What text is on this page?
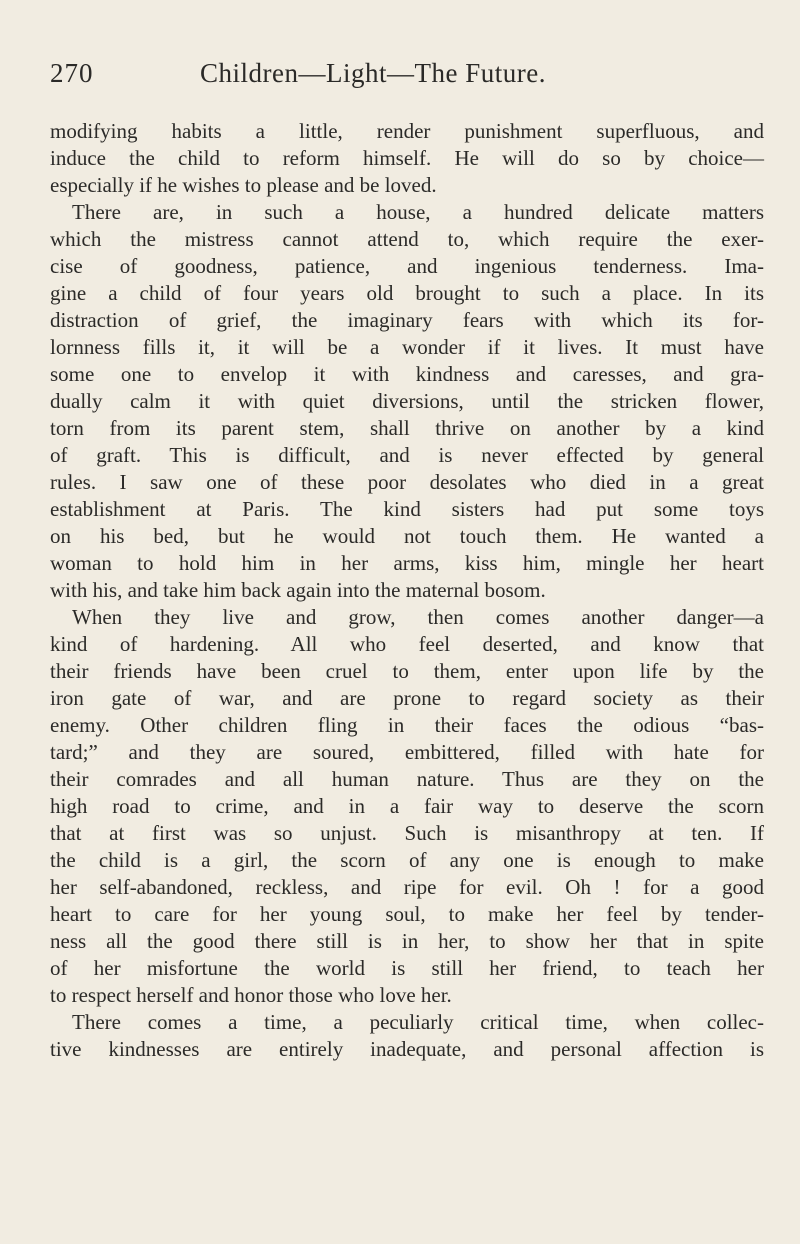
270	Children—Light—The Future.
modifying habits a little, render punishment superfluous, and
induce the child to reform himself. He will do so by choice—
especially if he wishes to please and be loved.
There are, in such a house, a hundred delicate matters
which the mistress cannot attend to, which require the exer-
cise of goodness, patience, and ingenious tenderness. Ima-
gine a child of four years old brought to such a place. In its
distraction of grief, the imaginary fears with which its for-
lornness fills it, it will be a wonder if it lives. It must have
some one to envelop it with kindness and caresses, and gra-
dually calm it with quiet diversions, until the stricken flower,
torn from its parent stem, shall thrive on another by a kind
of graft. This is difficult, and is never effected by general
rules. I saw one of these poor desolates who died in a great
establishment at Paris. The kind sisters had put some toys
on his bed, but he would not touch them. He wanted a
woman to hold him in her arms, kiss him, mingle her heart
with his, and take him back again into the maternal bosom.
When they live and grow, then comes another danger—a
kind of hardening. All who feel deserted, and know that
their friends have been cruel to them, enter upon life by the
iron gate of war, and are prone to regard society as their
enemy. Other children fling in their faces the odious “bas-
tard;” and they are soured, embittered, filled with hate for
their comrades and all human nature. Thus are they on the
high road to crime, and in a fair way to deserve the scorn
that at first was so unjust. Such is misanthropy at ten. If
the child is a girl, the scorn of any one is enough to make
her self-abandoned, reckless, and ripe for evil. Oh ! for a good
heart to care for her young soul, to make her feel by tender-
ness all the good there still is in her, to show her that in spite
of her misfortune the world is still her friend, to teach her
to respect herself and honor those who love her.
There comes a time, a peculiarly critical time, when collec-
tive kindnesses are entirely inadequate, and personal affection is
